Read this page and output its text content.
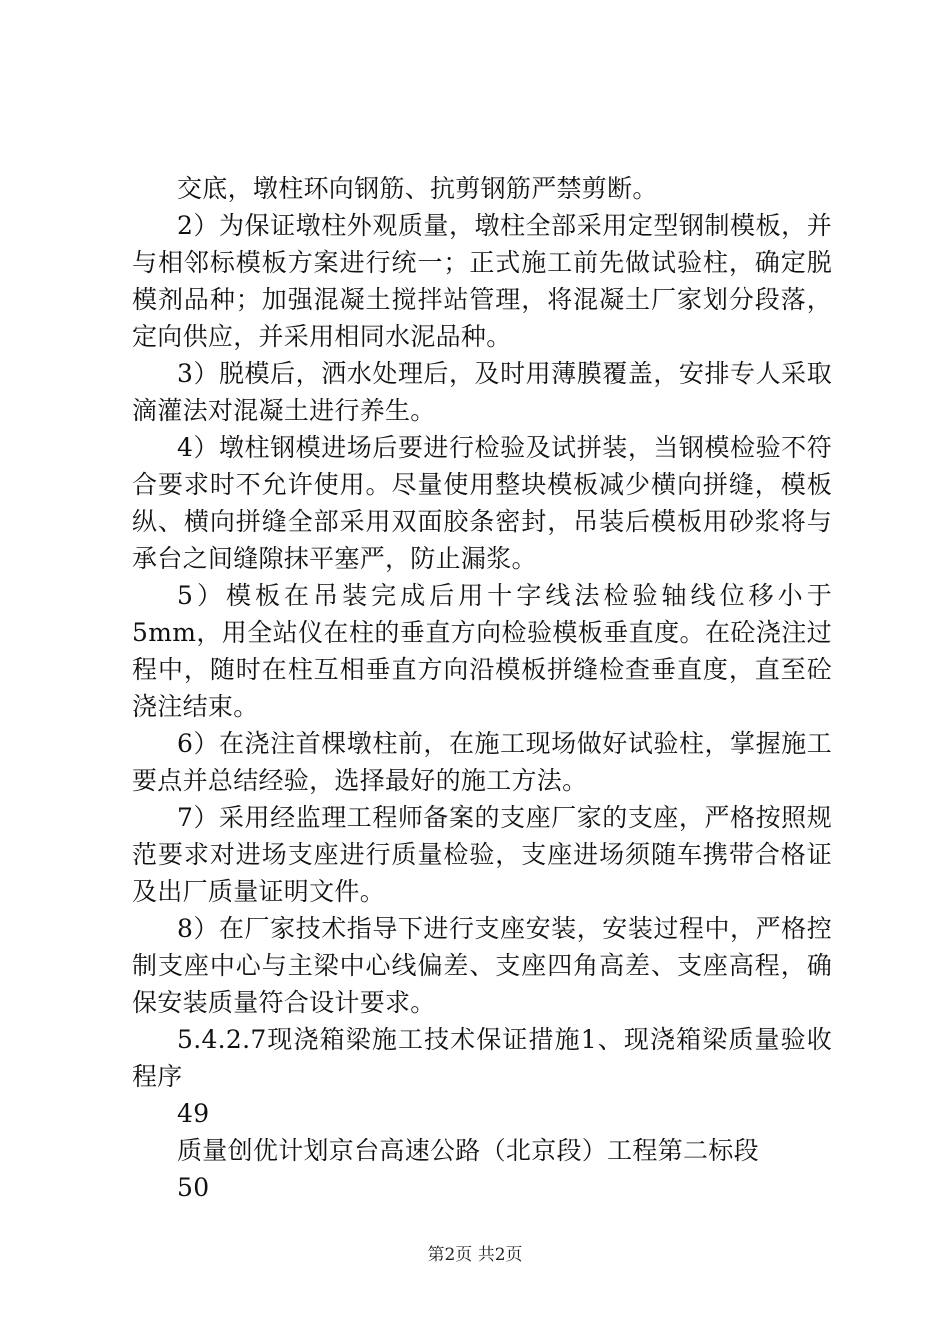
交底，墩柱环向钢筋、抗剪钢筋严禁剪断。

2）为保证墩柱外观质量，墩柱全部采用定型钢制模板，并与相邻标模板方案进行统一；正式施工前先做试验柱，确定脱模剂品种；加强混凝土搅拌站管理，将混凝土厂家划分段落，定向供应，并采用相同水泥品种。

3）脱模后，洒水处理后，及时用薄膜覆盖，安排专人采取滴灌法对混凝土进行养生。

4）墩柱钢模进场后要进行检验及试拼装，当钢模检验不符合要求时不允许使用。尽量使用整块模板减少横向拼缝，模板纵、横向拼缝全部采用双面胶条密封，吊装后模板用砂浆将与承台之间缝隙抹平塞严，防止漏浆。

5）模板在吊装完成后用十字线法检验轴线位移小于5mm，用全站仪在柱的垂直方向检验模板垂直度。在砼浇注过程中，随时在柱互相垂直方向沿模板拼缝检查垂直度，直至砼浇注结束。

6）在浇注首棵墩柱前，在施工现场做好试验柱，掌握施工要点并总结经验，选择最好的施工方法。

7）采用经监理工程师备案的支座厂家的支座，严格按照规范要求对进场支座进行质量检验，支座进场须随车携带合格证及出厂质量证明文件。

8）在厂家技术指导下进行支座安装，安装过程中，严格控制支座中心与主梁中心线偏差、支座四角高差、支座高程，确保安装质量符合设计要求。

5.4.2.7现浇箱梁施工技术保证措施1、现浇箱梁质量验收程序

49

质量创优计划京台高速公路（北京段）工程第二标段

50

第2页 共2页
